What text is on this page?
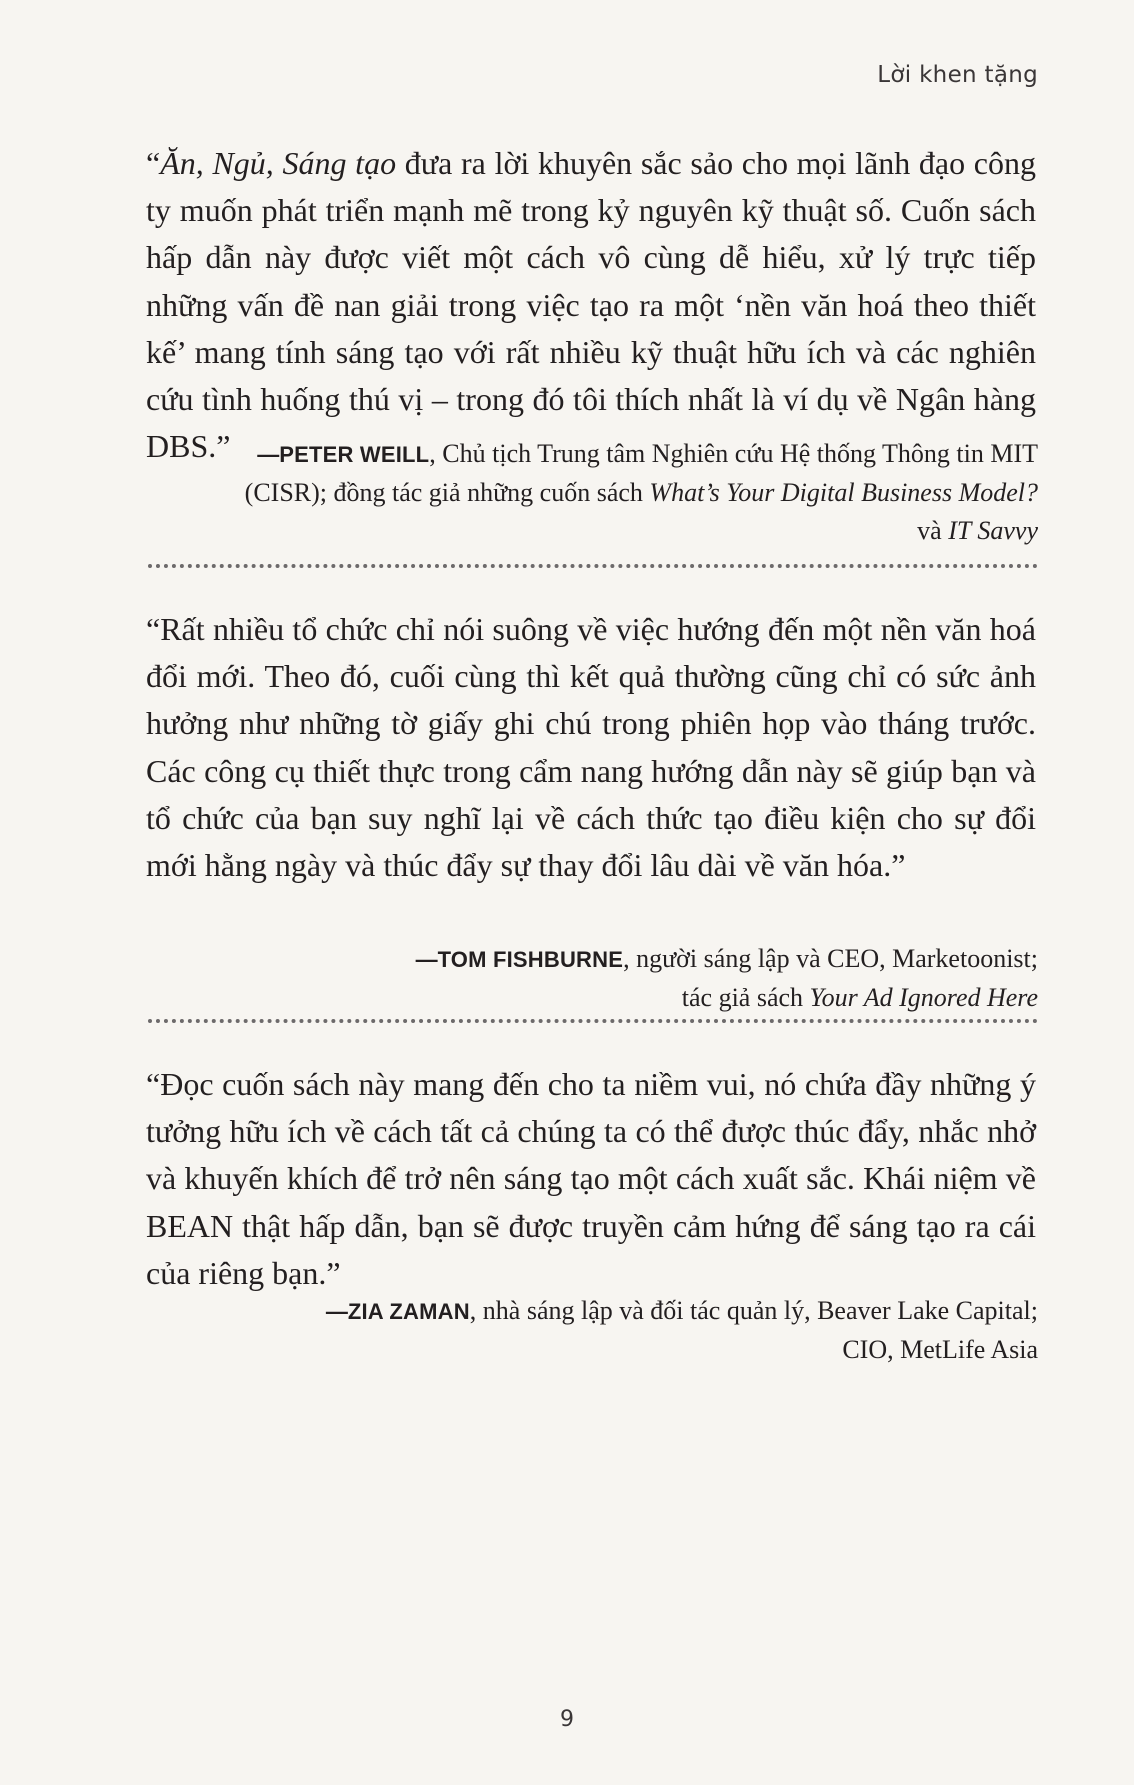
Lời khen tặng

“Ăn, Ngủ, Sáng tạo đưa ra lời khuyên sắc sảo cho mọi lãnh đạo công ty muốn phát triển mạnh mẽ trong kỷ nguyên kỹ thuật số. Cuốn sách hấp dẫn này được viết một cách vô cùng dễ hiểu, xử lý trực tiếp những vấn đề nan giải trong việc tạo ra một ‘nền văn hoá theo thiết kế’ mang tính sáng tạo với rất nhiều kỹ thuật hữu ích và các nghiên cứu tình huống thú vị – trong đó tôi thích nhất là ví dụ về Ngân hàng DBS.”	—PETER WEILL, Chủ tịch Trung tâm Nghiên cứu Hệ thống Thông tin MIT (CISR); đồng tác giả những cuốn sách What’s Your Digital Business Model? và IT Savvy

“Rất nhiều tổ chức chỉ nói suông về việc hướng đến một nền văn hoá đổi mới. Theo đó, cuối cùng thì kết quả thường cũng chỉ có sức ảnh hưởng như những tờ giấy ghi chú trong phiên họp vào tháng trước. Các công cụ thiết thực trong cẩm nang hướng dẫn này sẽ giúp bạn và tổ chức của bạn suy nghĩ lại về cách thức tạo điều kiện cho sự đổi mới hằng ngày và thúc đẩy sự thay đổi lâu dài về văn hóa.”

—TOM FISHBURNE, người sáng lập và CEO, Marketoonist;
tác giả sách Your Ad Ignored Here

“Đọc cuốn sách này mang đến cho ta niềm vui, nó chứa đầy những ý tưởng hữu ích về cách tất cả chúng ta có thể được thúc đẩy, nhắc nhở và khuyến khích để trở nên sáng tạo một cách xuất sắc. Khái niệm về BEAN thật hấp dẫn, bạn sẽ được truyền cảm hứng để sáng tạo ra cái của riêng bạn.”

—ZIA ZAMAN, nhà sáng lập và đối tác quản lý, Beaver Lake Capital;
CIO, MetLife Asia

9
